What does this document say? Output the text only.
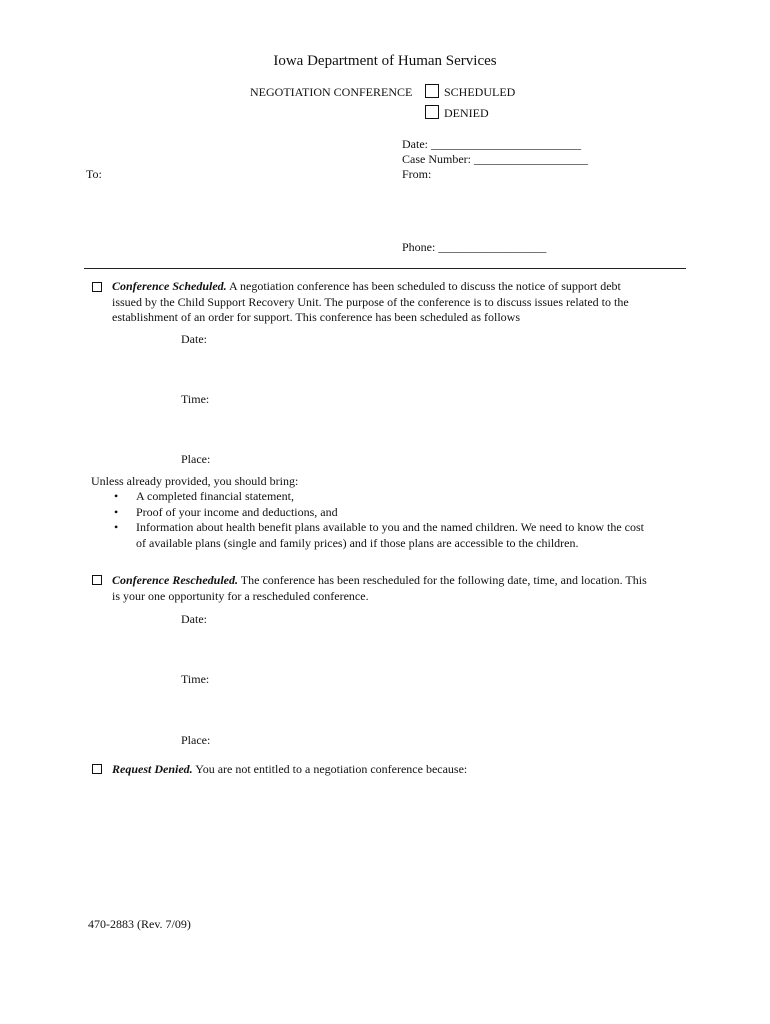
Iowa Department of Human Services
NEGOTIATION CONFERENCE	SCHEDULED
DENIED
Date: _________________________
Case Number: ___________________
From:
To:
Phone: __________________
Conference Scheduled. A negotiation conference has been scheduled to discuss the notice of support debt
issued by the Child Support Recovery Unit. The purpose of the conference is to discuss issues related to the
establishment of an order for support. This conference has been scheduled as follows
Date:
Time:
Place:
Unless already provided, you should bring:
• A completed financial statement,
• Proof of your income and deductions, and
• Information about health benefit plans available to you and the named children. We need to know the cost
of available plans (single and family prices) and if those plans are accessible to the children.
Conference Rescheduled. The conference has been rescheduled for the following date, time, and location. This
is your one opportunity for a rescheduled conference.
Date:
Time:
Place:
Request Denied. You are not entitled to a negotiation conference because:
470-2883 (Rev. 7/09)
